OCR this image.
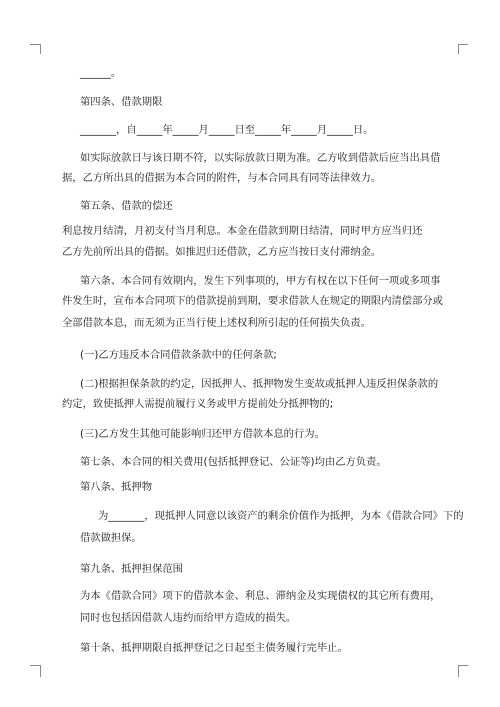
______。
第四条、借款期限
_______，自_____年_____月_____日至_____年_____月_____日。
如实际放款日与该日期不符，以实际放款日期为准。乙方收到借款后应当出具借
据，乙方所出具的借据为本合同的附件，与本合同具有同等法律效力。
第五条、借款的偿还
利息按月结清，月初支付当月利息。本金在借款到期日结清，同时甲方应当归还
乙方先前所出具的借据。如推迟归还借款，乙方应当按日支付滞纳金。
第六条、本合同有效期内，发生下列事项的，甲方有权在以下任何一项或多项事
件发生时，宣布本合同项下的借款提前到期，要求借款人在规定的期限内清偿部分或
全部借款本息，而无须为正当行使上述权利所引起的任何损失负责。
(一)乙方违反本合同借款条款中的任何条款;
(二)根据担保条款的约定，因抵押人、抵押物发生变故或抵押人违反担保条款的
约定，致使抵押人需提前履行义务或甲方提前处分抵押物的;
(三)乙方发生其他可能影响归还甲方借款本息的行为。
第七条、本合同的相关费用(包括抵押登记、公证等)均由乙方负责。
第八条、抵押物
为_______，现抵押人同意以该资产的剩余价值作为抵押，为本《借款合同》下的
借款做担保。
第九条、抵押担保范围
为本《借款合同》项下的借款本金、利息、滞纳金及实现债权的其它所有费用，
同时也包括因借款人违约而给甲方造成的损失。
第十条、抵押期限自抵押登记之日起至主债务履行完毕止。
